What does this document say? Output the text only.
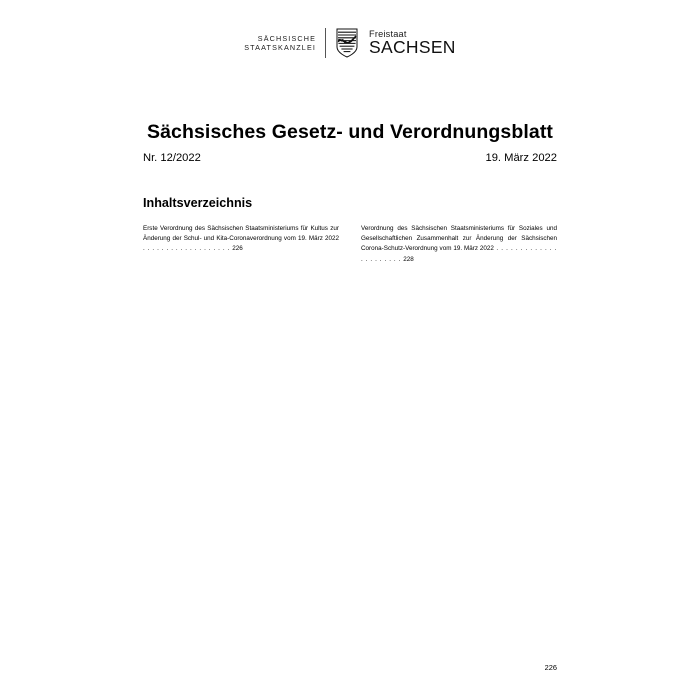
SÄCHSISCHE
STAATSKANZLEI
Freistaat
SACHSEN
Sächsisches Gesetz- und Verordnungsblatt
Nr. 12/2022	19. März 2022
Inhaltsverzeichnis
Erste Verordnung des Sächsischen Staatsministeriums für Kultus zur Änderung der Schul- und Kita-Coronaverordnung vom 19. März 2022 . . . . . . . . . . . . . . . . . . . 226
Verordnung des Sächsischen Staatsministeriums für Soziales und Gesellschaftlichen Zusammenhalt zur Änderung der Sächsischen Corona-Schutz-Verordnung vom 19. März 2022 . . . . . . . . . . . . . . . . . . . . . . 228
226
